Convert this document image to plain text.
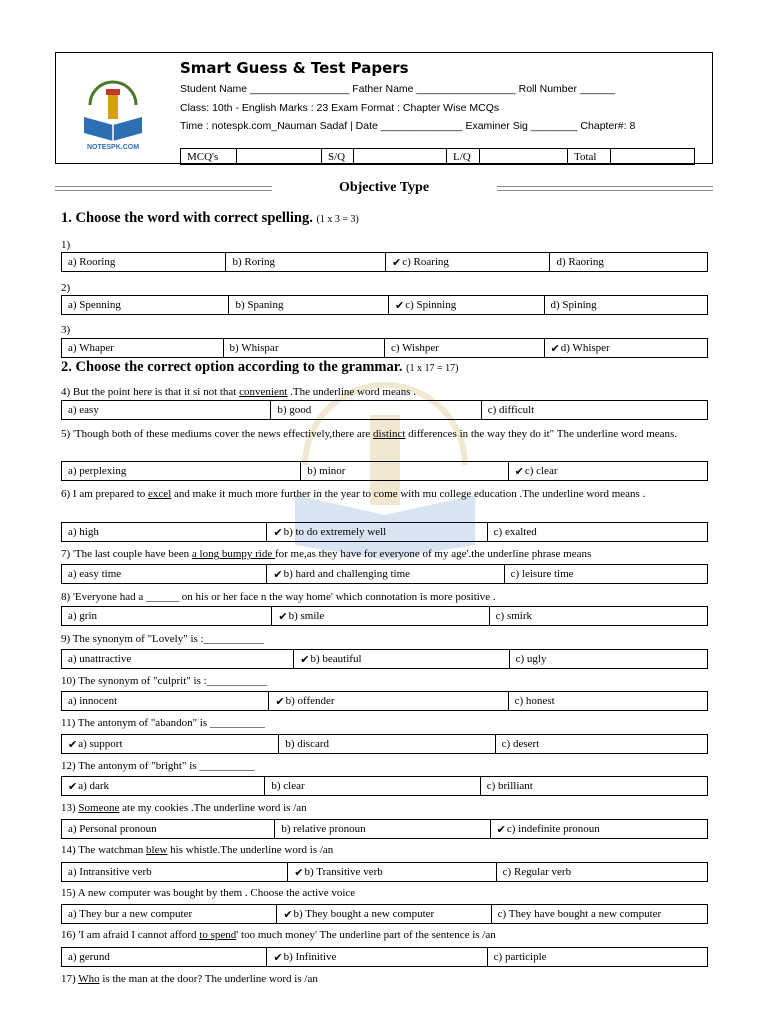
NOTESPK.COM
Smart Guess & Test Papers
Student Name _________________ Father Name _________________ Roll Number ______
Class: 10th - English Marks : 23 Exam Format : Chapter Wise MCQs
Time : notespk.com_Nauman Sadaf | Date ______________ Examiner Sig ________ Chapter#: 8
MCQ's		S/Q		L/Q		Total	
Objective Type
1. Choose the word with correct spelling. (1 x 3 = 3)
2. Choose the correct option according to the grammar. (1 x 17 = 17)
1)
a) Rooring	b) Roring	✔ c) Roaring	d) Raoring
2)
a) Spenning	b) Spaning	✔ c) Spinning	d) Spining
3)
a) Whaper	b) Whispar	c) Wishper	✔ d) Whisper
4) But the point here is that it si not that convenient .The underline word means .
a) easy	b) good	c) difficult
5) 'Though both of these mediums cover the news effectively,there are distinct differences in the way they do it" The underline word means.
a) perplexing	b) minor	✔ c) clear
6) I am prepared to excel and make it much more further in the year to come with mu college education .The underline word means .
a) high	✔ b) to do extremely well	c) exalted
7) 'The last couple have been a long bumpy ride for me,as they have for everyone of my age'.the underline phrase means
a) easy time	✔ b) hard and challenging time	c) leisure time
8) 'Everyone had a ______ on his or her face n the way home' which connotation is more positive .
a) grin	✔ b) smile	c) smirk
9) The synonym of "Lovely" is :___________
a) unattractive	✔ b) beautiful	c) ugly
10) The synonym of "culprit" is :___________
a) innocent	✔ b) offender	c) honest
11) The antonym of "abandon" is __________
✔ a) support	b) discard	c) desert
12) The antonym of "bright" is __________
✔ a) dark	b) clear	c) brilliant
13) Someone ate my cookies .The underline word is /an
a) Personal pronoun	b) relative pronoun	✔ c) indefinite pronoun
14) The watchman blew his whistle.The underline word is /an
a) Intransitive verb	✔ b) Transitive verb	c) Regular verb
15) A new computer was bought by them . Choose the active voice
a) They bur a new computer	✔ b) They bought a new computer	c) They have bought a new computer
16) 'I am afraid I cannot afford to spend' too much money' The underline part of the sentence is /an
a) gerund	✔ b) Infinitive	c) participle
17) Who is the man at the door? The underline word is /an
